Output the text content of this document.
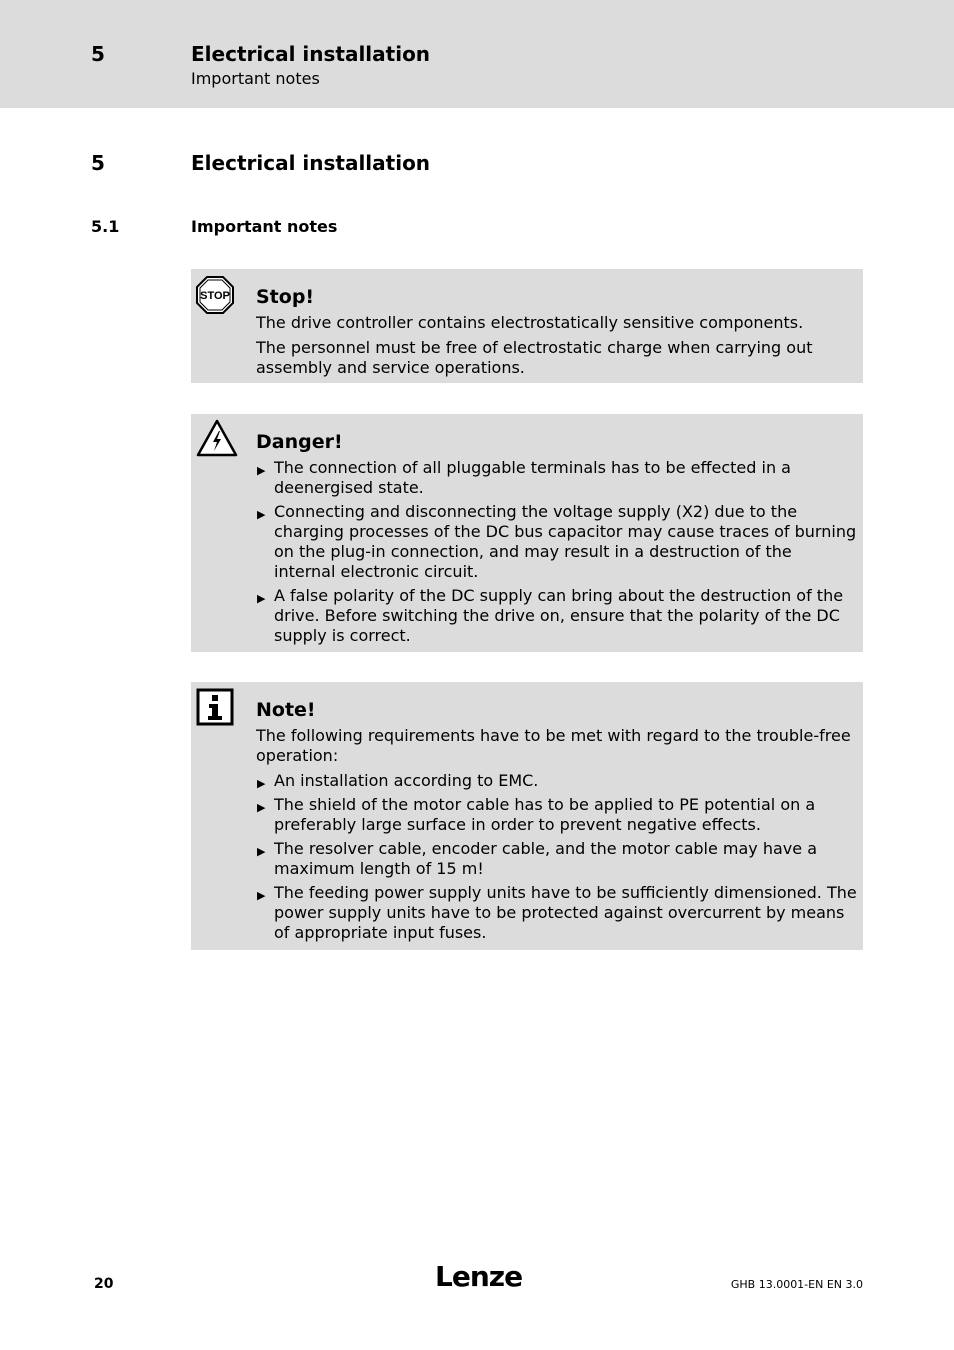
5	Electrical installation
Important notes
5	Electrical installation
5.1	Important notes
STOP Stop!
The drive controller contains electrostatically sensitive components.
The personnel must be free of electrostatic charge when carrying out assembly and service operations.
Danger!
▶ The connection of all pluggable terminals has to be effected in a deenergised state.
▶ Connecting and disconnecting the voltage supply (X2) due to the charging processes of the DC bus capacitor may cause traces of burning on the plug-in connection, and may result in a destruction of the internal electronic circuit.
▶ A false polarity of the DC supply can bring about the destruction of the drive. Before switching the drive on, ensure that the polarity of the DC supply is correct.
Note!
The following requirements have to be met with regard to the trouble-free operation:
▶ An installation according to EMC.
▶ The shield of the motor cable has to be applied to PE potential on a preferably large surface in order to prevent negative effects.
▶ The resolver cable, encoder cable, and the motor cable may have a maximum length of 15 m!
▶ The feeding power supply units have to be sufficiently dimensioned. The power supply units have to be protected against overcurrent by means of appropriate input fuses.
20	Lenze	GHB 13.0001-EN EN 3.0
